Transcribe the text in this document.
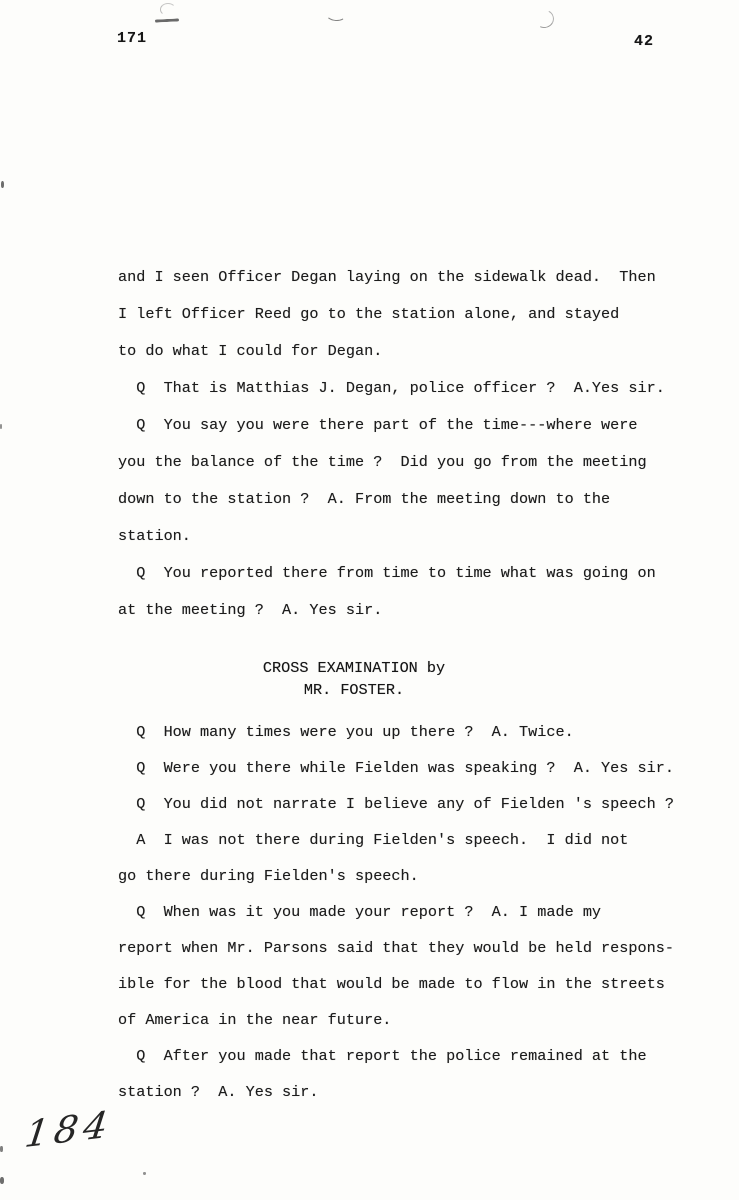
171	42
and I seen Officer Degan laying on the sidewalk dead.  Then
I left Officer Reed go to the station alone, and stayed
to do what I could for Degan.
Q  That is Matthias J. Degan, police officer ?  A.Yes sir.
Q  You say you were there part of the time---where were
you the balance of the time ?  Did you go from the meeting
down to the station ?  A. From the meeting down to the
station.
Q  You reported there from time to time what was going on
at the meeting ?  A. Yes sir.
CROSS EXAMINATION by
MR. FOSTER.
Q  How many times were you up there ?  A. Twice.
Q  Were you there while Fielden was speaking ?  A. Yes sir.
Q  You did not narrate I believe any of Fielden 's speech ?
A  I was not there during Fielden's speech.  I did not
go there during Fielden's speech.
Q  When was it you made your report ?  A. I made my
report when Mr. Parsons said that they would be held respons-
ible for the blood that would be made to flow in the streets
of America in the near future.
Q  After you made that report the police remained at the
station ?  A. Yes sir.
184
